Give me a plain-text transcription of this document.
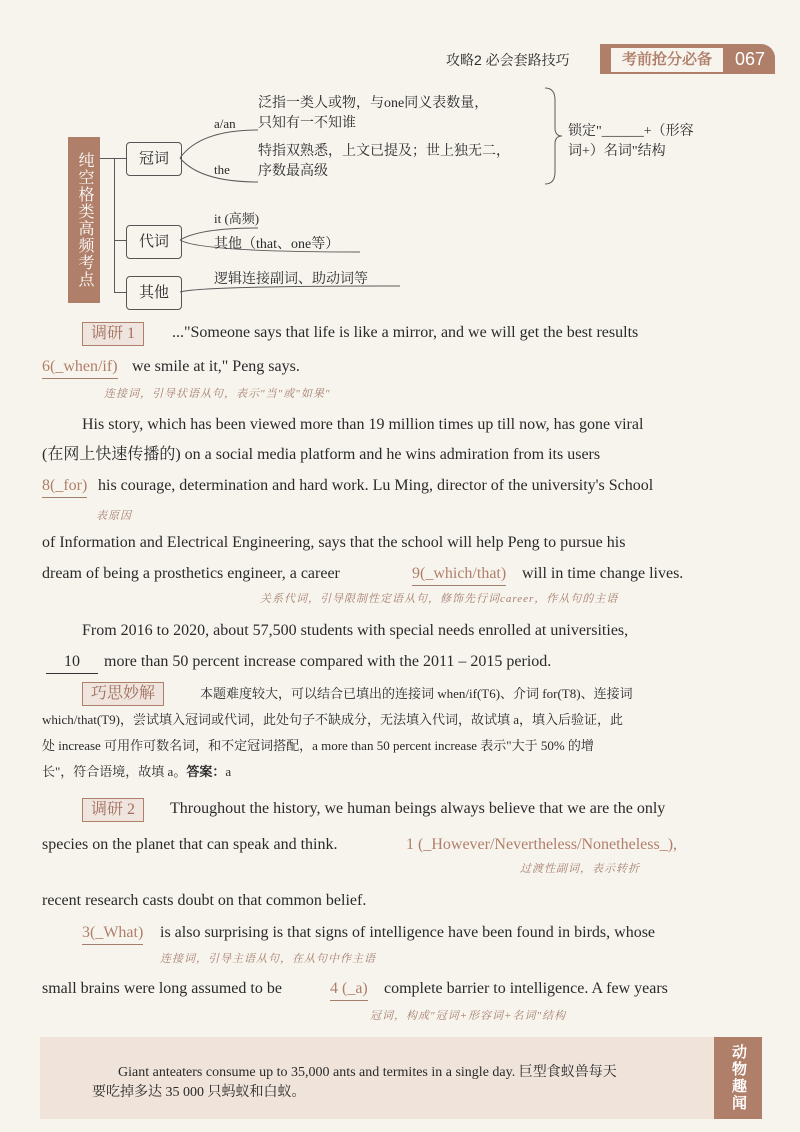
攻略2 必会套路技巧	考前抢分必备	067
纯空格类高频考点	冠词
代词
其他
a/an
泛指一类人或物，与one同义表数量，
只知有一不知谁
the
特指双熟悉，上文已提及；世上独无二，
序数最高级
锁定"______+（形容
词+）名词"结构
it (高频)
其他（that、one等）
逻辑连接副词、助动词等
调研 1	..."Someone says that life is like a mirror, and we will get the best results
6(_when/if) we smile at it," Peng says.
连接词，引导状语从句，表示"当"或"如果"
His story, which has been viewed more than 19 million times up till now, has gone viral
(在网上快速传播的) on a social media platform and he wins admiration from its users
8(_for) his courage, determination and hard work. Lu Ming, director of the university's School
表原因
of Information and Electrical Engineering, says that the school will help Peng to pursue his
dream of being a prosthetics engineer, a career	9(_which/that) will in time change lives.
关系代词，引导限制性定语从句，修饰先行词career，作从句的主语
From 2016 to 2020, about 57,500 students with special needs enrolled at universities,
10	more than 50 percent increase compared with the 2011 – 2015 period.
巧思妙解	本题难度较大，可以结合已填出的连接词 when/if(T6)、介词 for(T8)、连接词
which/that(T9)，尝试填入冠词或代词，此处句子不缺成分，无法填入代词，故试填 a，填入后验证，此
处 increase 可用作可数名词，和不定冠词搭配，a more than 50 percent increase 表示"大于 50% 的增
长"，符合语境，故填 a。答案：a
调研 2	Throughout the history, we human beings always believe that we are the only
species on the planet that can speak and think.	1 (_However/Nevertheless/Nonetheless_),
过渡性副词，表示转折
recent research casts doubt on that common belief.
3(_What) is also surprising is that signs of intelligence have been found in birds, whose
连接词，引导主语从句，在从句中作主语
small brains were long assumed to be	4 (_a) complete barrier to intelligence. A few years
冠词，构成"冠词+形容词+名词"结构
Giant anteaters consume up to 35,000 ants and termites in a single day. 巨型食蚁兽每天
要吃掉多达 35 000 只蚂蚁和白蚁。	动物趣闻
